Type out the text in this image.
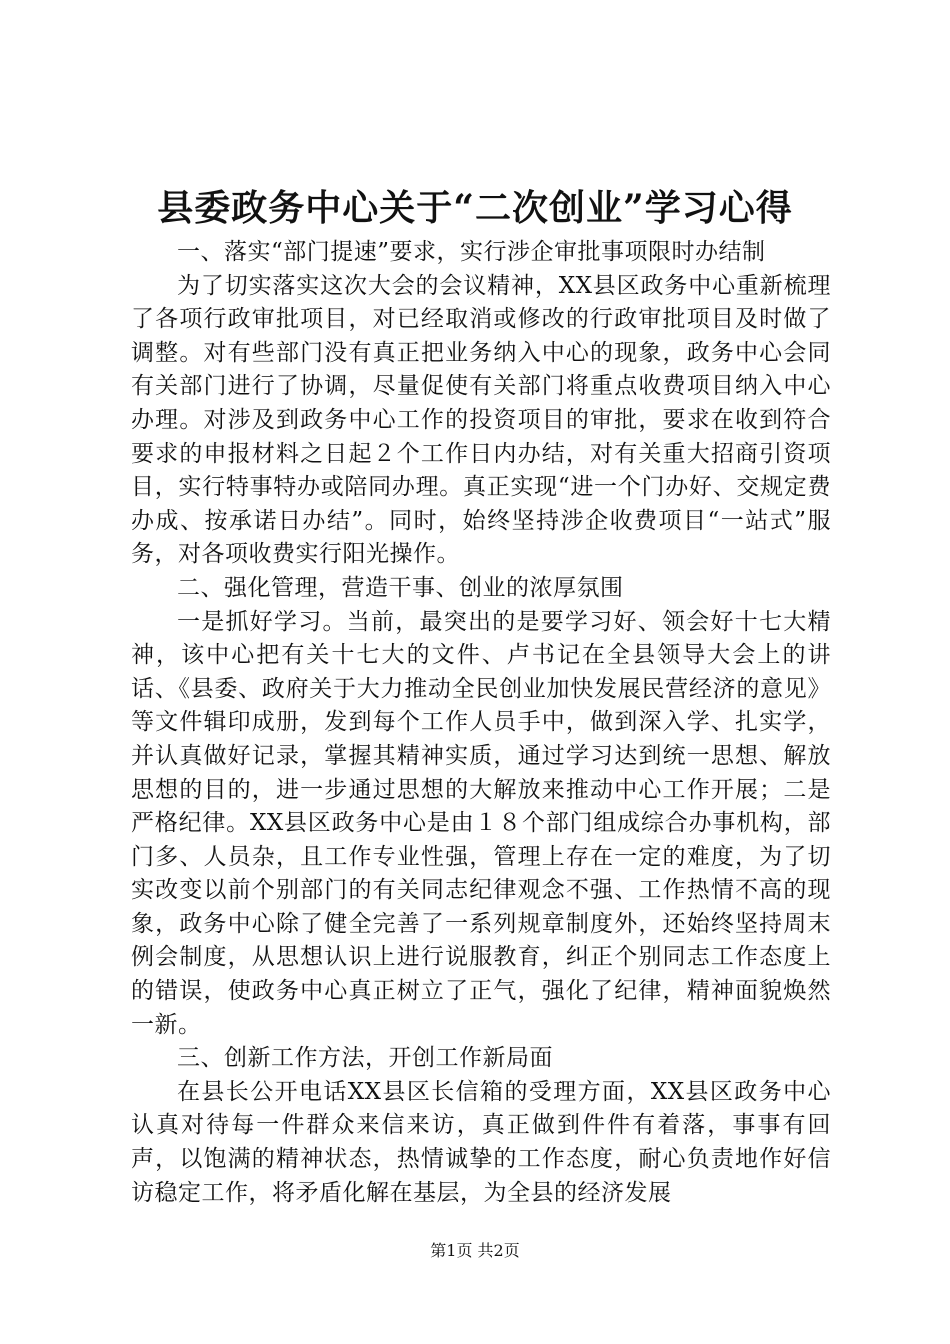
县委政务中心关于“二次创业”学习心得

一、落实“部门提速”要求，实行涉企审批事项限时办结制

为了切实落实这次大会的会议精神，XX县区政务中心重新梳理了各项行政审批项目，对已经取消或修改的行政审批项目及时做了调整。对有些部门没有真正把业务纳入中心的现象，政务中心会同有关部门进行了协调，尽量促使有关部门将重点收费项目纳入中心办理。对涉及到政务中心工作的投资项目的审批，要求在收到符合要求的申报材料之日起２个工作日内办结，对有关重大招商引资项目，实行特事特办或陪同办理。真正实现“进一个门办好、交规定费办成、按承诺日办结”。同时，始终坚持涉企收费项目“一站式”服务，对各项收费实行阳光操作。

二、强化管理，营造干事、创业的浓厚氛围

一是抓好学习。当前，最突出的是要学习好、领会好十七大精神，该中心把有关十七大的文件、卢书记在全县领导大会上的讲话、《县委、政府关于大力推动全民创业加快发展民营经济的意见》等文件辑印成册，发到每个工作人员手中，做到深入学、扎实学，并认真做好记录，掌握其精神实质，通过学习达到统一思想、解放思想的目的，进一步通过思想的大解放来推动中心工作开展；二是严格纪律。XX县区政务中心是由１８个部门组成综合办事机构，部门多、人员杂，且工作专业性强，管理上存在一定的难度，为了切实改变以前个别部门的有关同志纪律观念不强、工作热情不高的现象，政务中心除了健全完善了一系列规章制度外，还始终坚持周末例会制度，从思想认识上进行说服教育，纠正个别同志工作态度上的错误，使政务中心真正树立了正气，强化了纪律，精神面貌焕然一新。

三、创新工作方法，开创工作新局面

在县长公开电话XX县区长信箱的受理方面，XX县区政务中心认真对待每一件群众来信来访，真正做到件件有着落，事事有回声，以饱满的精神状态，热情诚挚的工作态度，耐心负责地作好信访稳定工作，将矛盾化解在基层，为全县的经济发展

第1页 共2页
